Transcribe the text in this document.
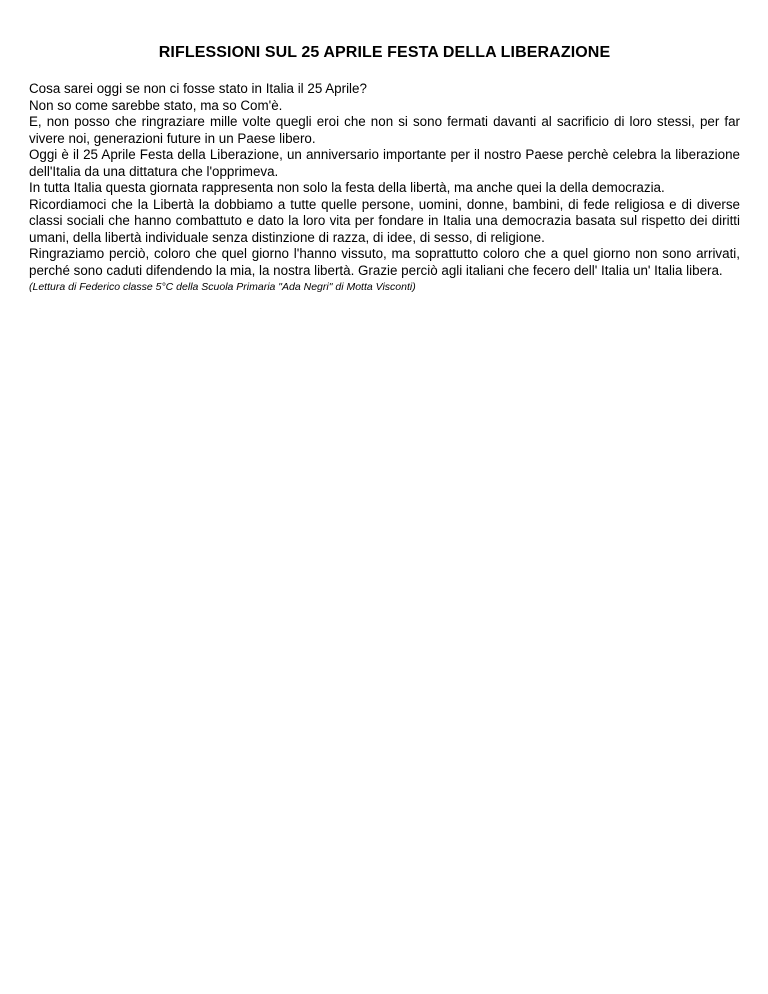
RIFLESSIONI SUL 25 APRILE FESTA DELLA LIBERAZIONE

Cosa sarei oggi se non ci fosse stato in Italia il 25 Aprile?

Non so come sarebbe stato, ma so Com'è.

E, non posso che ringraziare mille volte quegli eroi che non si sono fermati davanti al sacrificio di loro stessi, per far vivere noi, generazioni future in un Paese libero.

Oggi è il 25 Aprile Festa della Liberazione, un anniversario importante per il nostro Paese perchè celebra la liberazione dell'Italia da una dittatura che l'opprimeva.

In tutta Italia questa giornata rappresenta non solo la festa della libertà, ma anche quei la della democrazia.

Ricordiamoci che la Libertà la dobbiamo a tutte quelle persone, uomini, donne, bambini, di fede religiosa e di diverse classi sociali che hanno combattuto e dato la loro vita per fondare in Italia una democrazia basata sul rispetto dei diritti umani, della libertà individuale senza distinzione di razza, di idee, di sesso, di religione.

Ringraziamo perciò, coloro che quel giorno l'hanno vissuto, ma soprattutto coloro che a quel giorno non sono arrivati, perché sono caduti difendendo la mia, la nostra libertà. Grazie perciò agli italiani che fecero dell' Italia un' Italia libera.

(Lettura di Federico classe 5°C della Scuola Primaria "Ada Negri" di Motta Visconti)
